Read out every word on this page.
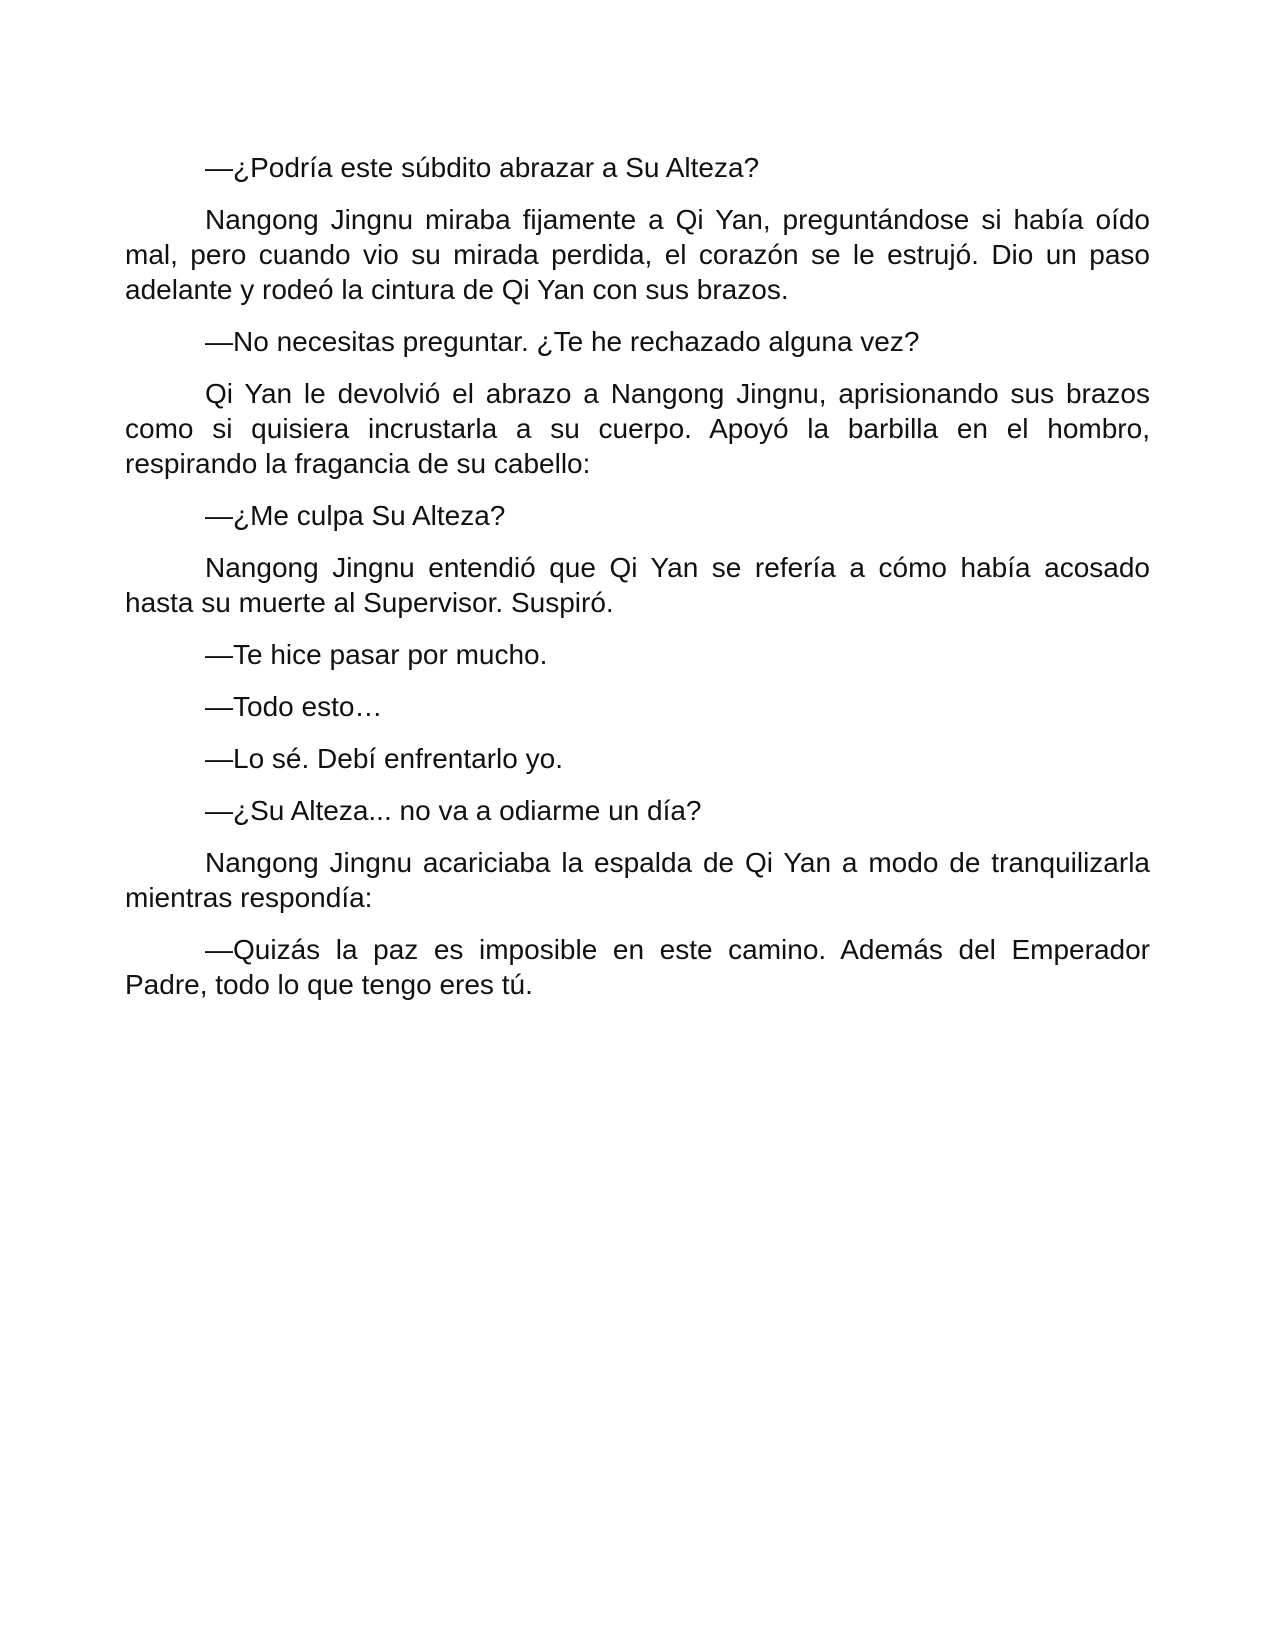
—¿Podría este súbdito abrazar a Su Alteza?

Nangong Jingnu miraba fijamente a Qi Yan, preguntándose si había oído mal, pero cuando vio su mirada perdida, el corazón se le estrujó. Dio un paso adelante y rodeó la cintura de Qi Yan con sus brazos.

—No necesitas preguntar. ¿Te he rechazado alguna vez?

Qi Yan le devolvió el abrazo a Nangong Jingnu, aprisionando sus brazos como si quisiera incrustarla a su cuerpo. Apoyó la barbilla en el hombro, respirando la fragancia de su cabello:

—¿Me culpa Su Alteza?

Nangong Jingnu entendió que Qi Yan se refería a cómo había acosado hasta su muerte al Supervisor. Suspiró.

—Te hice pasar por mucho.

—Todo esto…

—Lo sé. Debí enfrentarlo yo.

—¿Su Alteza... no va a odiarme un día?

Nangong Jingnu acariciaba la espalda de Qi Yan a modo de tranquilizarla mientras respondía:

—Quizás la paz es imposible en este camino. Además del Emperador Padre, todo lo que tengo eres tú.
